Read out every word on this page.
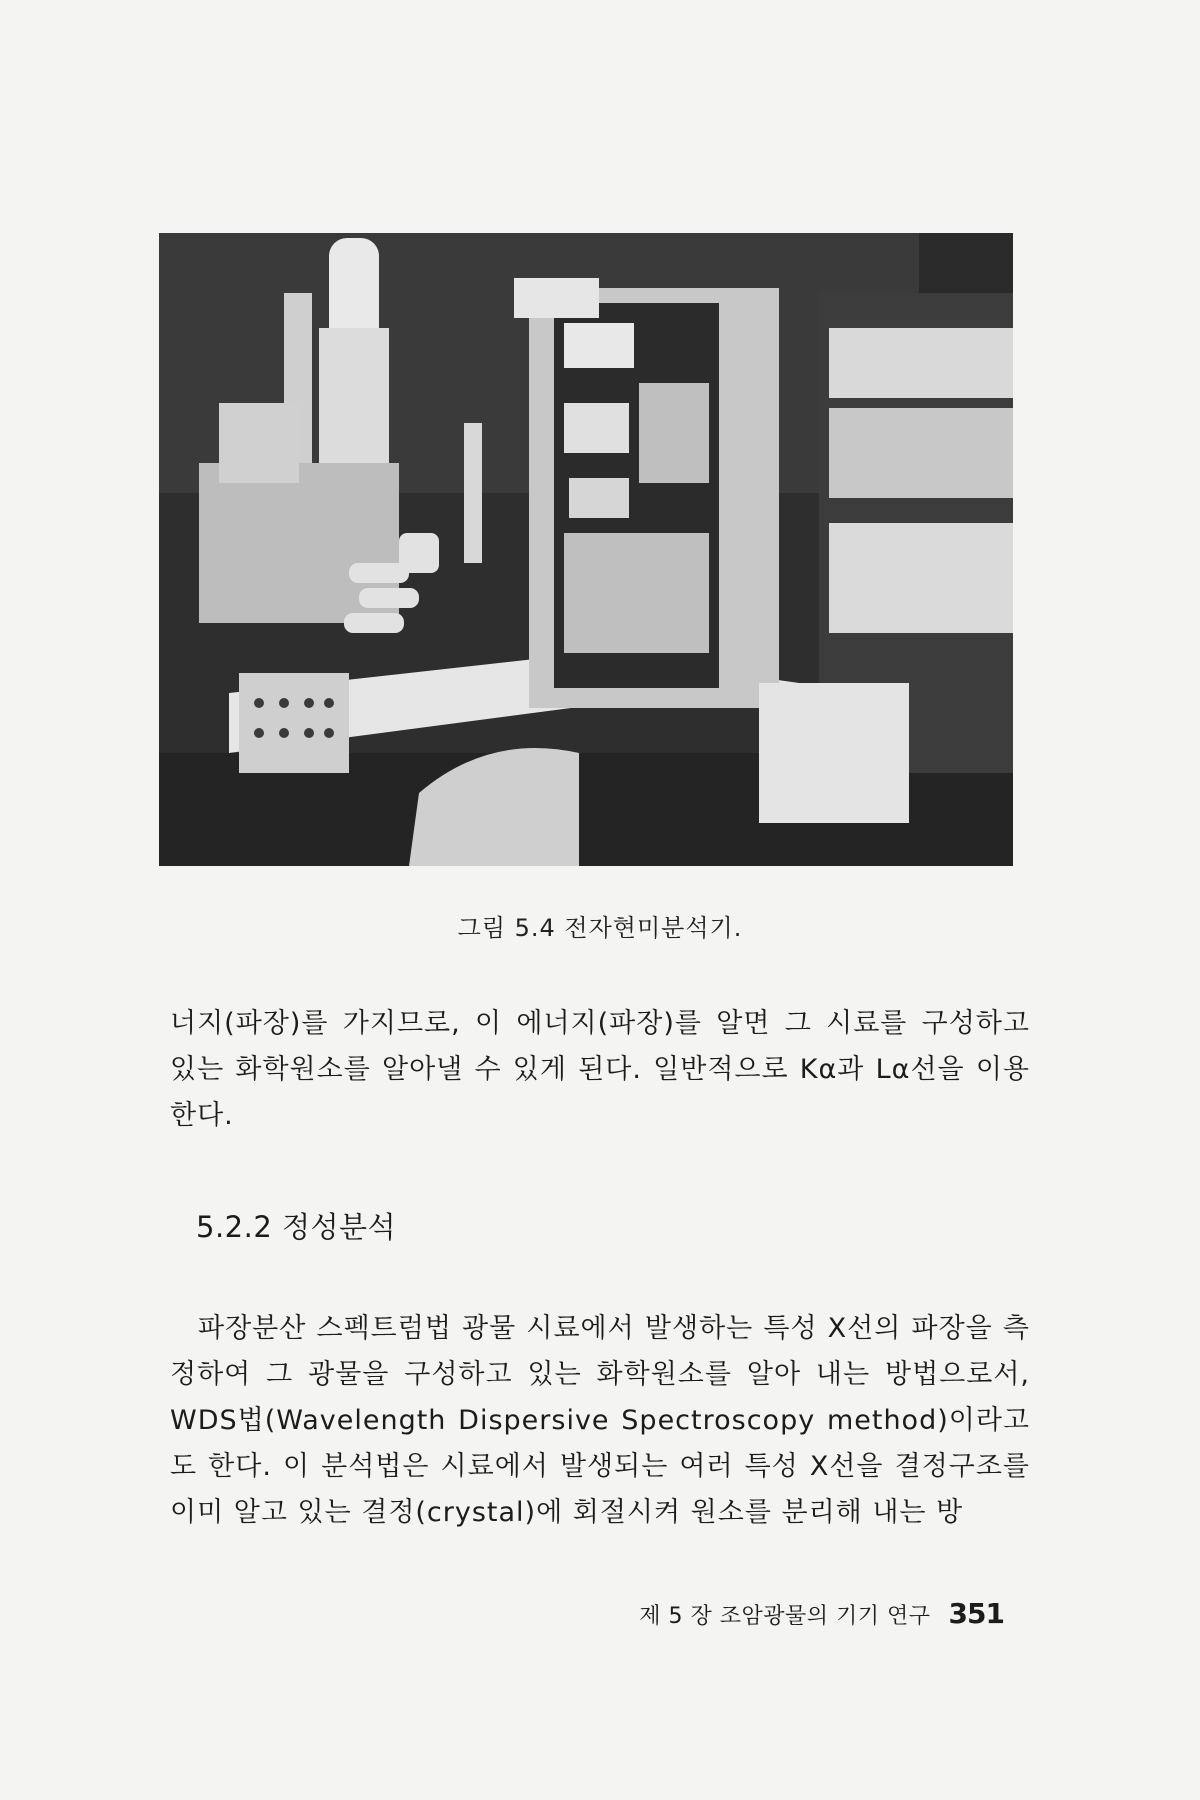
그림 5.4 전자현미분석기.

너지(파장)를 가지므로, 이 에너지(파장)를 알면 그 시료를 구성하고 있는 화학원소를 알아낼 수 있게 된다. 일반적으로 Kα과 Lα선을 이용한다.

5.2.2 정성분석

파장분산 스펙트럼법 광물 시료에서 발생하는 특성 X선의 파장을 측정하여 그 광물을 구성하고 있는 화학원소를 알아 내는 방법으로서, WDS법(Wavelength Dispersive Spectroscopy method)이라고도 한다. 이 분석법은 시료에서 발생되는 여러 특성 X선을 결정구조를 이미 알고 있는 결정(crystal)에 회절시켜 원소를 분리해 내는 방

제 5 장 조암광물의 기기 연구 351
